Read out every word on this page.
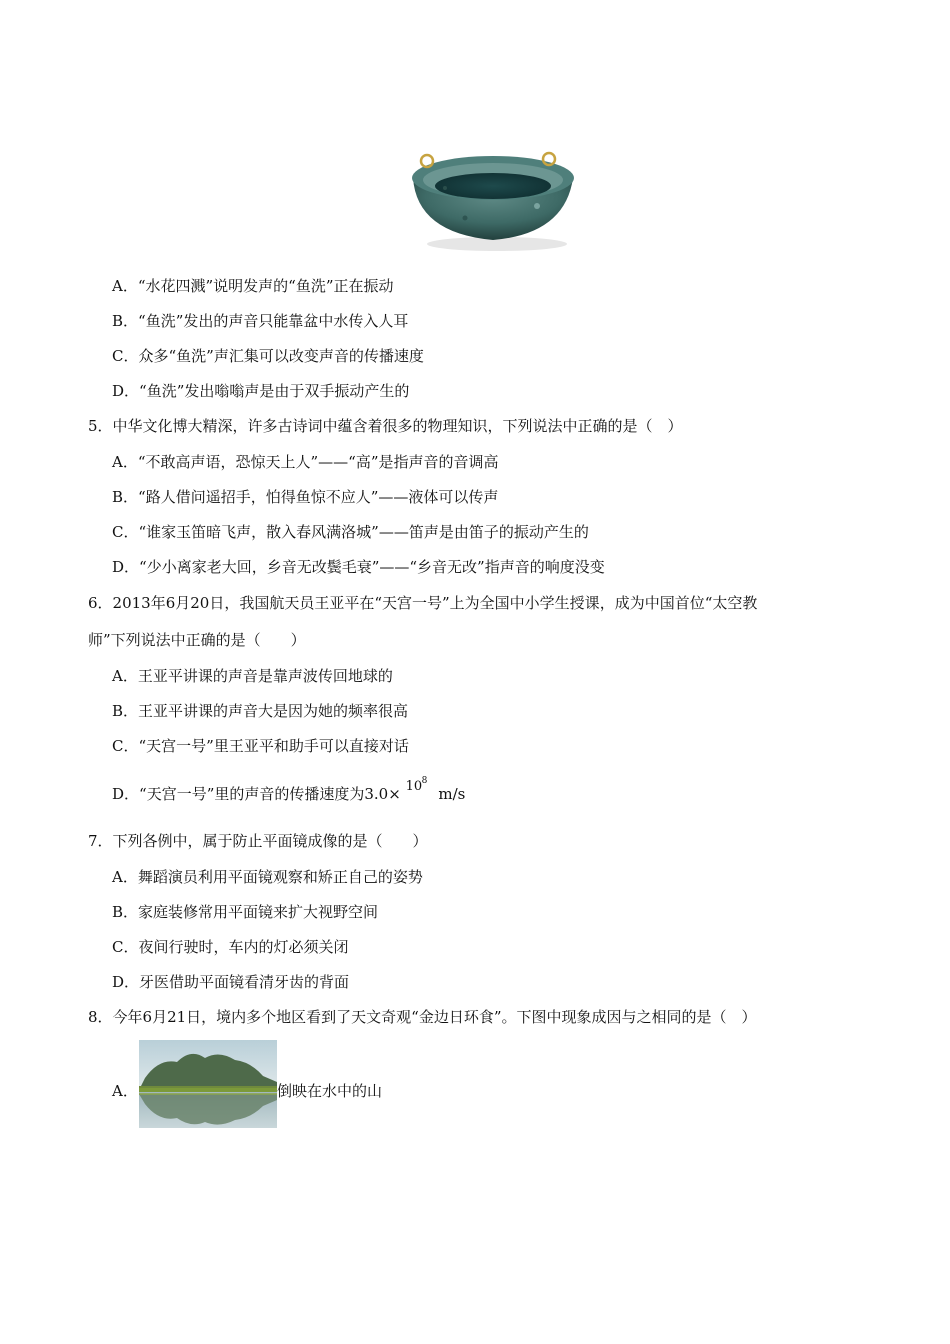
A．“水花四溅”说明发声的“鱼洗”正在振动
B．“鱼洗”发出的声音只能靠盆中水传入人耳
C．众多“鱼洗”声汇集可以改变声音的传播速度
D．“鱼洗”发出嗡嗡声是由于双手振动产生的
5．中华文化博大精深，许多古诗词中蕴含着很多的物理知识，下列说法中正确的是（　）
A．“不敢高声语，恐惊天上人”——“高”是指声音的音调高
B．“路人借问遥招手，怕得鱼惊不应人”——液体可以传声
C．“谁家玉笛暗飞声，散入春风满洛城”——笛声是由笛子的振动产生的
D．“少小离家老大回，乡音无改鬓毛衰”——“乡音无改”指声音的响度没变
6．2013年6月20日，我国航天员王亚平在“天宫一号”上为全国中小学生授课，成为中国首位“太空教
师”下列说法中正确的是（　　）
A．王亚平讲课的声音是靠声波传回地球的
B．王亚平讲课的声音大是因为她的频率很高
C．“天宫一号”里王亚平和助手可以直接对话
D．“天宫一号”里的声音的传播速度为3.0× 10 8
m/s
7．下列各例中，属于防止平面镜成像的是（　　）
A．舞蹈演员利用平面镜观察和矫正自己的姿势
B．家庭装修常用平面镜来扩大视野空间
C．夜间行驶时，车内的灯必须关闭
D．牙医借助平面镜看清牙齿的背面
8．今年6月21日，境内多个地区看到了天文奇观“金边日环食”。下图中现象成因与之相同的是（　）
A．	倒映在水中的山
